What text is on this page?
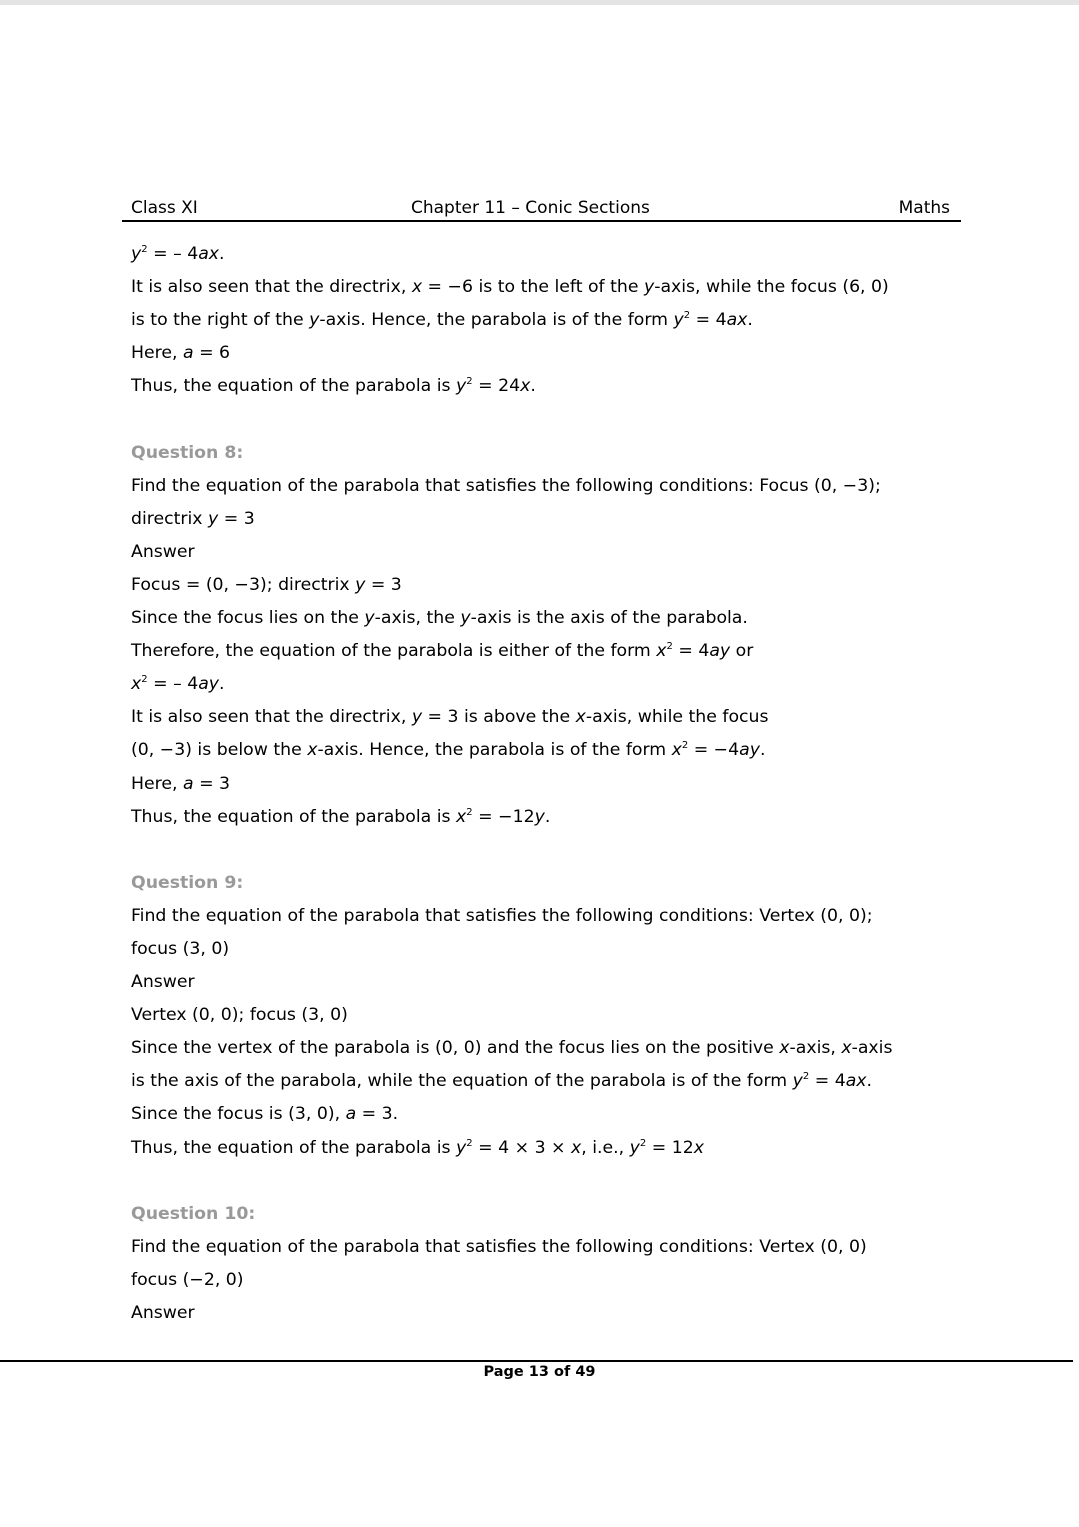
Class XI	Chapter 11 – Conic Sections	Maths
$y^2$ = – 4ax.
It is also seen that the directrix, x = −6 is to the left of the y-axis, while the focus (6, 0)
is to the right of the y-axis. Hence, the parabola is of the form $y^2 = 4ax$.
Here, a = 6
Thus, the equation of the parabola is $y^2 = 24x$.
Question 8:
Find the equation of the parabola that satisfies the following conditions: Focus (0, −3);
directrix y = 3
Answer
Focus = (0, −3); directrix y = 3
Since the focus lies on the y-axis, the y-axis is the axis of the parabola.
Therefore, the equation of the parabola is either of the form $x^2 = 4ay$ or
$x^2$ = – 4ay.
It is also seen that the directrix, y = 3 is above the x-axis, while the focus
(0, −3) is below the x-axis. Hence, the parabola is of the form $x^2 = -4ay$.
Here, a = 3
Thus, the equation of the parabola is $x^2 = -12y$.
Question 9:
Find the equation of the parabola that satisfies the following conditions: Vertex (0, 0);
focus (3, 0)
Answer
Vertex (0, 0); focus (3, 0)
Since the vertex of the parabola is (0, 0) and the focus lies on the positive x-axis, x-axis
is the axis of the parabola, while the equation of the parabola is of the form $y^2 = 4ax$.
Since the focus is (3, 0), a = 3.
Thus, the equation of the parabola is $y^2 = 4 \times 3 \times x$, i.e., $y^2 = 12x$
Question 10:
Find the equation of the parabola that satisfies the following conditions: Vertex (0, 0)
focus (−2, 0)
Answer
Page 13 of 49
